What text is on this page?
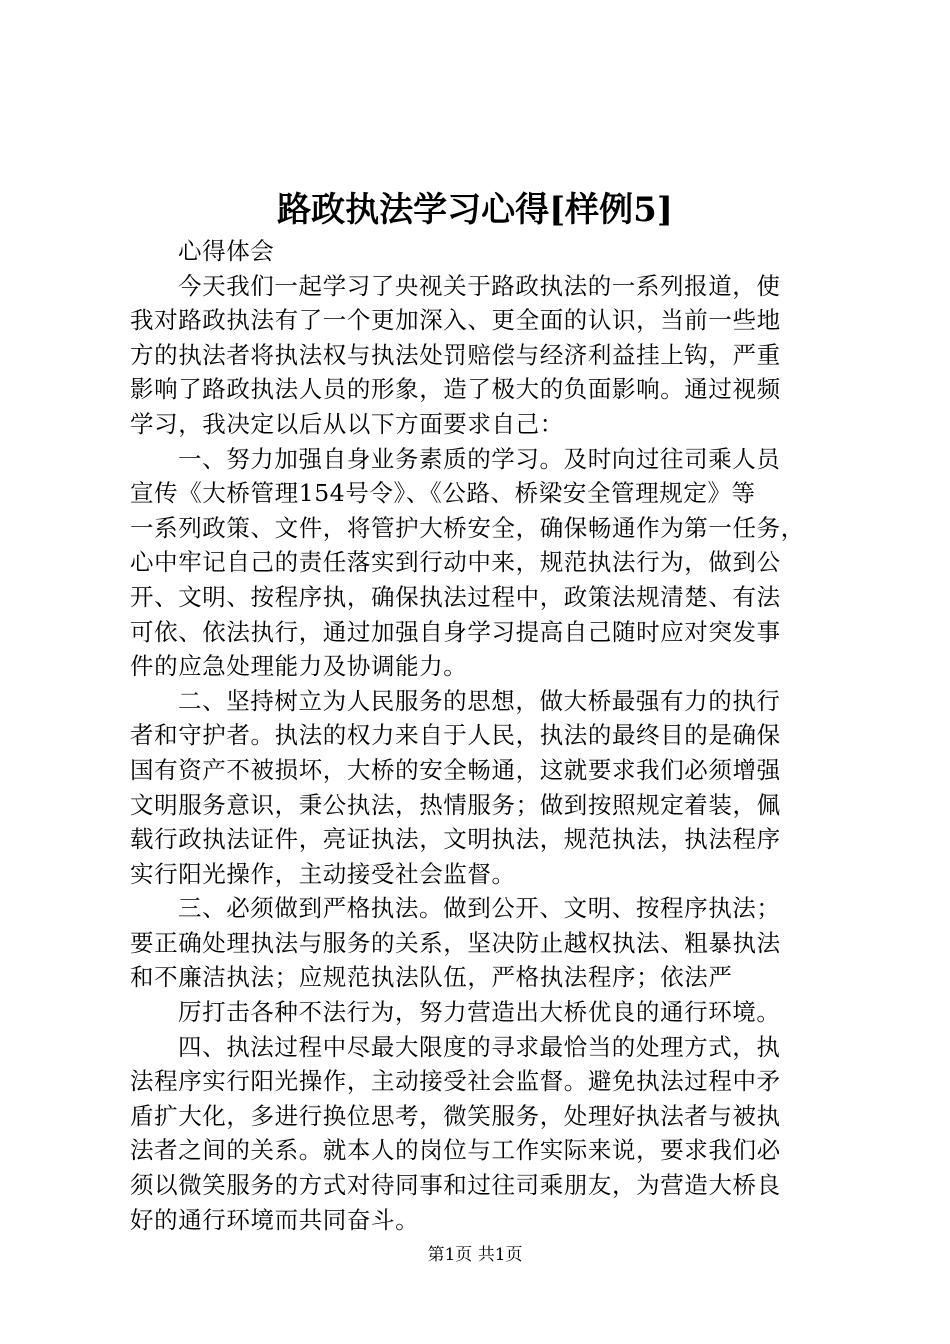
路政执法学习心得[样例5]
心得体会
今天我们一起学习了央视关于路政执法的一系列报道，使
我对路政执法有了一个更加深入、更全面的认识，当前一些地
方的执法者将执法权与执法处罚赔偿与经济利益挂上钩，严重
影响了路政执法人员的形象，造了极大的负面影响。通过视频
学习，我决定以后从以下方面要求自己：
一、努力加强自身业务素质的学习。及时向过往司乘人员
宣传《大桥管理154号令》、《公路、桥梁安全管理规定》等
一系列政策、文件，将管护大桥安全，确保畅通作为第一任务，
心中牢记自己的责任落实到行动中来，规范执法行为，做到公
开、文明、按程序执，确保执法过程中，政策法规清楚、有法
可依、依法执行，通过加强自身学习提高自己随时应对突发事
件的应急处理能力及协调能力。
二、坚持树立为人民服务的思想，做大桥最强有力的执行
者和守护者。执法的权力来自于人民，执法的最终目的是确保
国有资产不被损坏，大桥的安全畅通，这就要求我们必须增强
文明服务意识，秉公执法，热情服务；做到按照规定着装，佩
载行政执法证件，亮证执法，文明执法，规范执法，执法程序
实行阳光操作，主动接受社会监督。
三、必须做到严格执法。做到公开、文明、按程序执法；
要正确处理执法与服务的关系，坚决防止越权执法、粗暴执法
和不廉洁执法；应规范执法队伍，严格执法程序；依法严
厉打击各种不法行为，努力营造出大桥优良的通行环境。
四、执法过程中尽最大限度的寻求最恰当的处理方式，执
法程序实行阳光操作，主动接受社会监督。避免执法过程中矛
盾扩大化，多进行换位思考，微笑服务，处理好执法者与被执
法者之间的关系。就本人的岗位与工作实际来说，要求我们必
须以微笑服务的方式对待同事和过往司乘朋友，为营造大桥良
好的通行环境而共同奋斗。
第1页 共1页
